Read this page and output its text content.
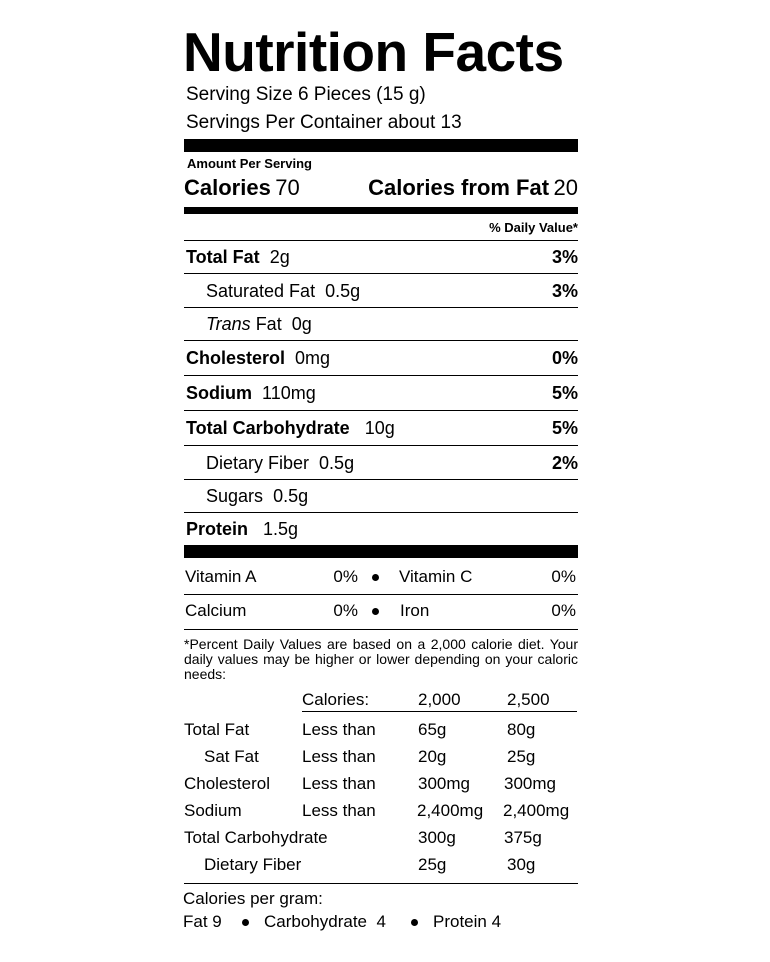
Nutrition Facts
Serving Size 6 Pieces (15 g)
Servings Per Container about 13
Amount Per Serving
Calories 70	Calories from Fat 20
% Daily Value*
Total Fat 2g	3%
Saturated Fat 0.5g	3%
Trans Fat 0g
Cholesterol 0mg	0%
Sodium 110mg	5%
Total Carbohydrate 10g	5%
Dietary Fiber 0.5g	2%
Sugars 0.5g
Protein 1.5g
Vitamin A	0% Vitamin C	0%
Calcium	0% Iron	0%
*Percent Daily Values are based on a 2,000 calorie diet. Your daily values may be higher or lower depending on your caloric needs:
Calories:	2,000	2,500
Total Fat	Less than 65g	80g
Sat Fat	Less than 20g	25g
Cholesterol Less than 300mg 300mg
Sodium	Less than 2,400mg 2,400mg
Total Carbohydrate	300g	375g
Dietary Fiber	25g	30g
Calories per gram:
Fat 9 Carbohydrate  4	Protein 4
